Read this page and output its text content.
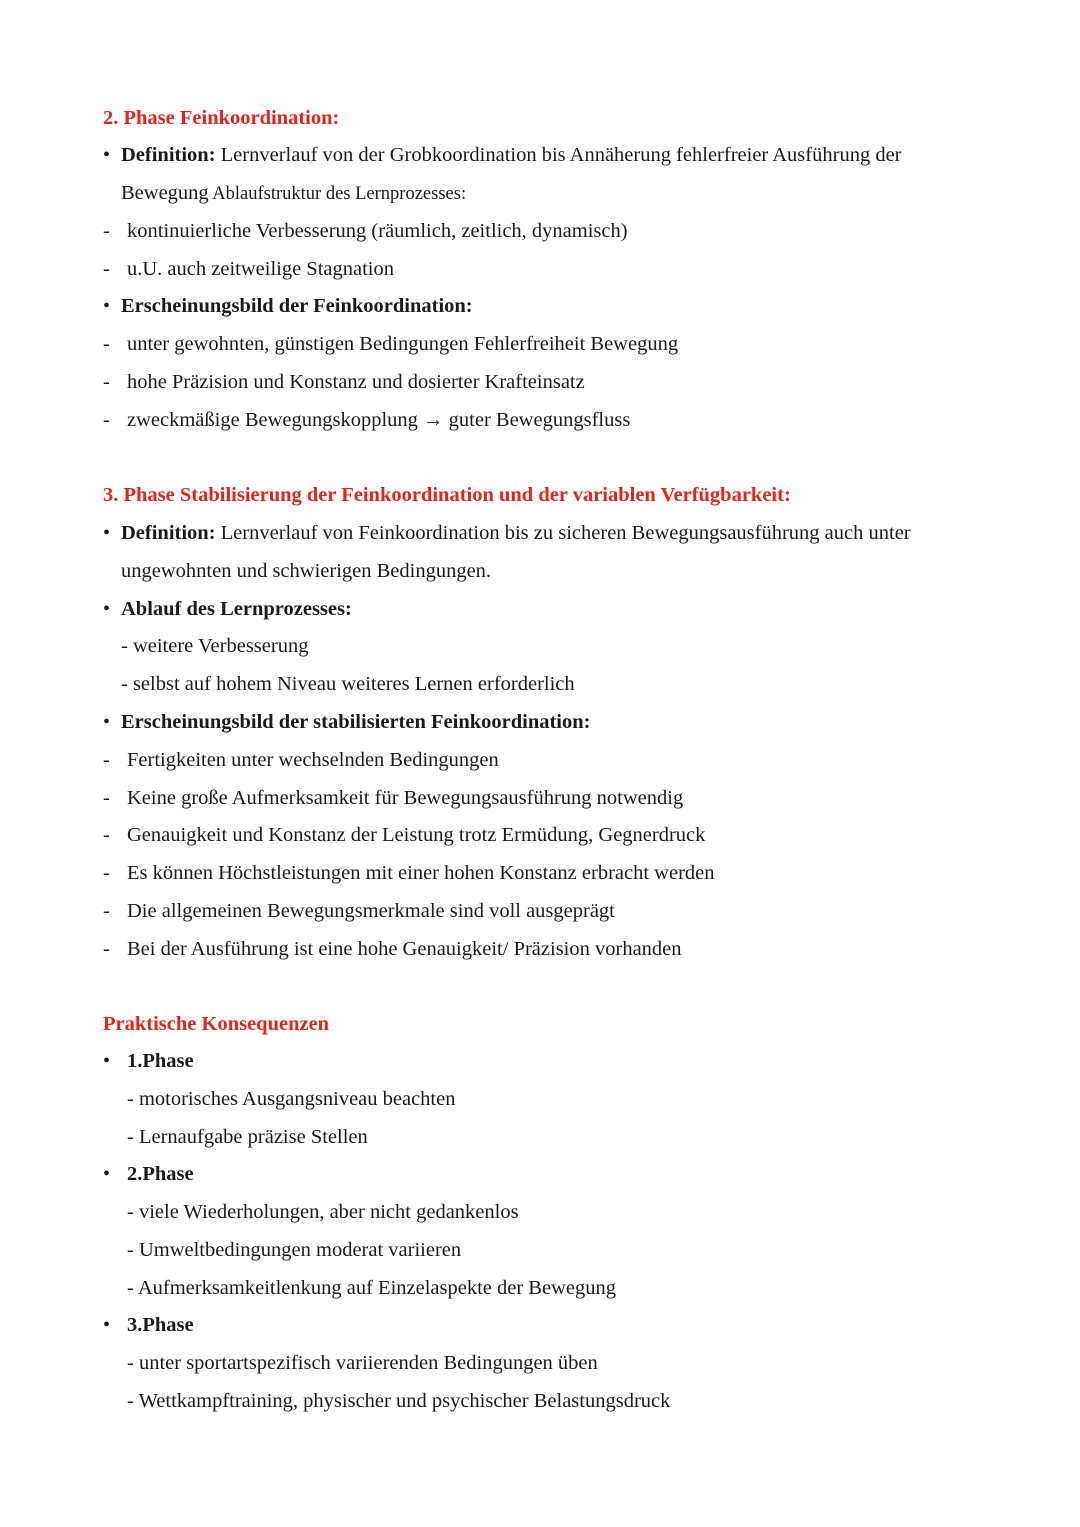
2. Phase Feinkoordination:
• Definition: Lernverlauf von der Grobkoordination bis Annäherung fehlerfreier Ausführung der
Bewegung Ablaufstruktur des Lernprozesses:
- kontinuierliche Verbesserung (räumlich, zeitlich, dynamisch)
- u.U. auch zeitweilige Stagnation
• Erscheinungsbild der Feinkoordination:
- unter gewohnten, günstigen Bedingungen Fehlerfreiheit Bewegung
- hohe Präzision und Konstanz und dosierter Krafteinsatz
- zweckmäßige Bewegungskopplung → guter Bewegungsfluss
3. Phase Stabilisierung der Feinkoordination und der variablen Verfügbarkeit:
• Definition: Lernverlauf von Feinkoordination bis zu sicheren Bewegungsausführung auch unter
ungewohnten und schwierigen Bedingungen.
• Ablauf des Lernprozesses:
- weitere Verbesserung
- selbst auf hohem Niveau weiteres Lernen erforderlich
• Erscheinungsbild der stabilisierten Feinkoordination:
- Fertigkeiten unter wechselnden Bedingungen
- Keine große Aufmerksamkeit für Bewegungsausführung notwendig
- Genauigkeit und Konstanz der Leistung trotz Ermüdung, Gegnerdruck
- Es können Höchstleistungen mit einer hohen Konstanz erbracht werden
- Die allgemeinen Bewegungsmerkmale sind voll ausgeprägt
- Bei der Ausführung ist eine hohe Genauigkeit/ Präzision vorhanden
Praktische Konsequenzen
• 1.Phase
- motorisches Ausgangsniveau beachten
- Lernaufgabe präzise Stellen
• 2.Phase
- viele Wiederholungen, aber nicht gedankenlos
- Umweltbedingungen moderat variieren
- Aufmerksamkeitlenkung auf Einzelaspekte der Bewegung
• 3.Phase
- unter sportartspezifisch variierenden Bedingungen üben
- Wettkampftraining, physischer und psychischer Belastungsdruck
